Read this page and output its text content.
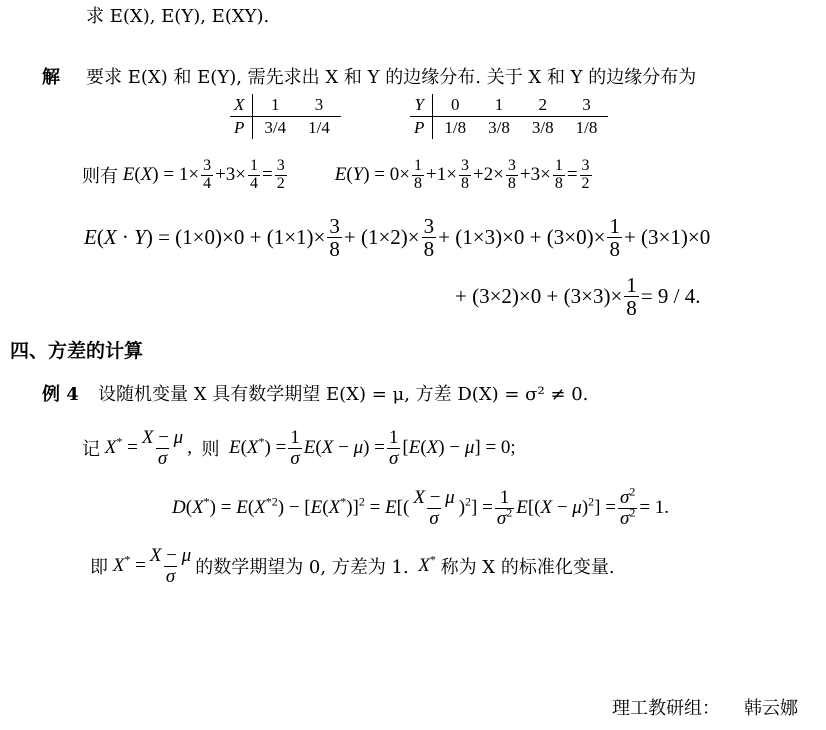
求 E(X), E(Y), E(XY).
解 要求 E(X) 和 E(Y), 需先求出 X 和 Y 的边缘分布. 关于 X 和 Y 的边缘分布为
X	1	3
P	3/4	1/4
Y	0	1	2	3
P	1/8	3/8	3/8	1/8
则有 $E(X) = 1\times \frac{3}{4} +3\times \frac{1}{4} = \frac{3}{2}$	$E(Y) = 0\times \frac{1}{8} +1\times \frac{3}{8} +2\times \frac{3}{8} +3\times \frac{1}{8} = \frac{3}{2}$
$E(X \cdot Y) = (1\times 0)\times 0 + (1\times 1)\times \frac{3}{8} + (1\times 2)\times \frac{3}{8} + (1\times 3)\times 0 + (3\times 0)\times \frac{1}{8} + (3\times 1)\times 0$
+ $(3\times 2)\times 0 + (3\times 3)\times \frac{1}{8} = 9 / 4$.
四、方差的计算
例 4 设随机变量 X 具有数学期望 E(X) = μ, 方差 D(X) = σ² ≠ 0.
记 $X^* = \frac{X - \mu}{\sigma}$ , 则 $E(X^*) = \frac{1}{\sigma} E(X - \mu) = \frac{1}{\sigma} [E(X) - \mu] = 0$;
$D(X^*) = E(X^{*2}) - [E(X^*)]^2 = E[( \frac{X - \mu}{\sigma} )^2] = \frac{1}{\sigma^2} E[(X - \mu)^2] = \frac{\sigma^2}{\sigma^2} = 1$.
即 $X^* = \frac{X - \mu}{\sigma}$ 的数学期望为 0, 方差为 1. X* 称为 X 的标准化变量.
理工教研组： 韩云娜
